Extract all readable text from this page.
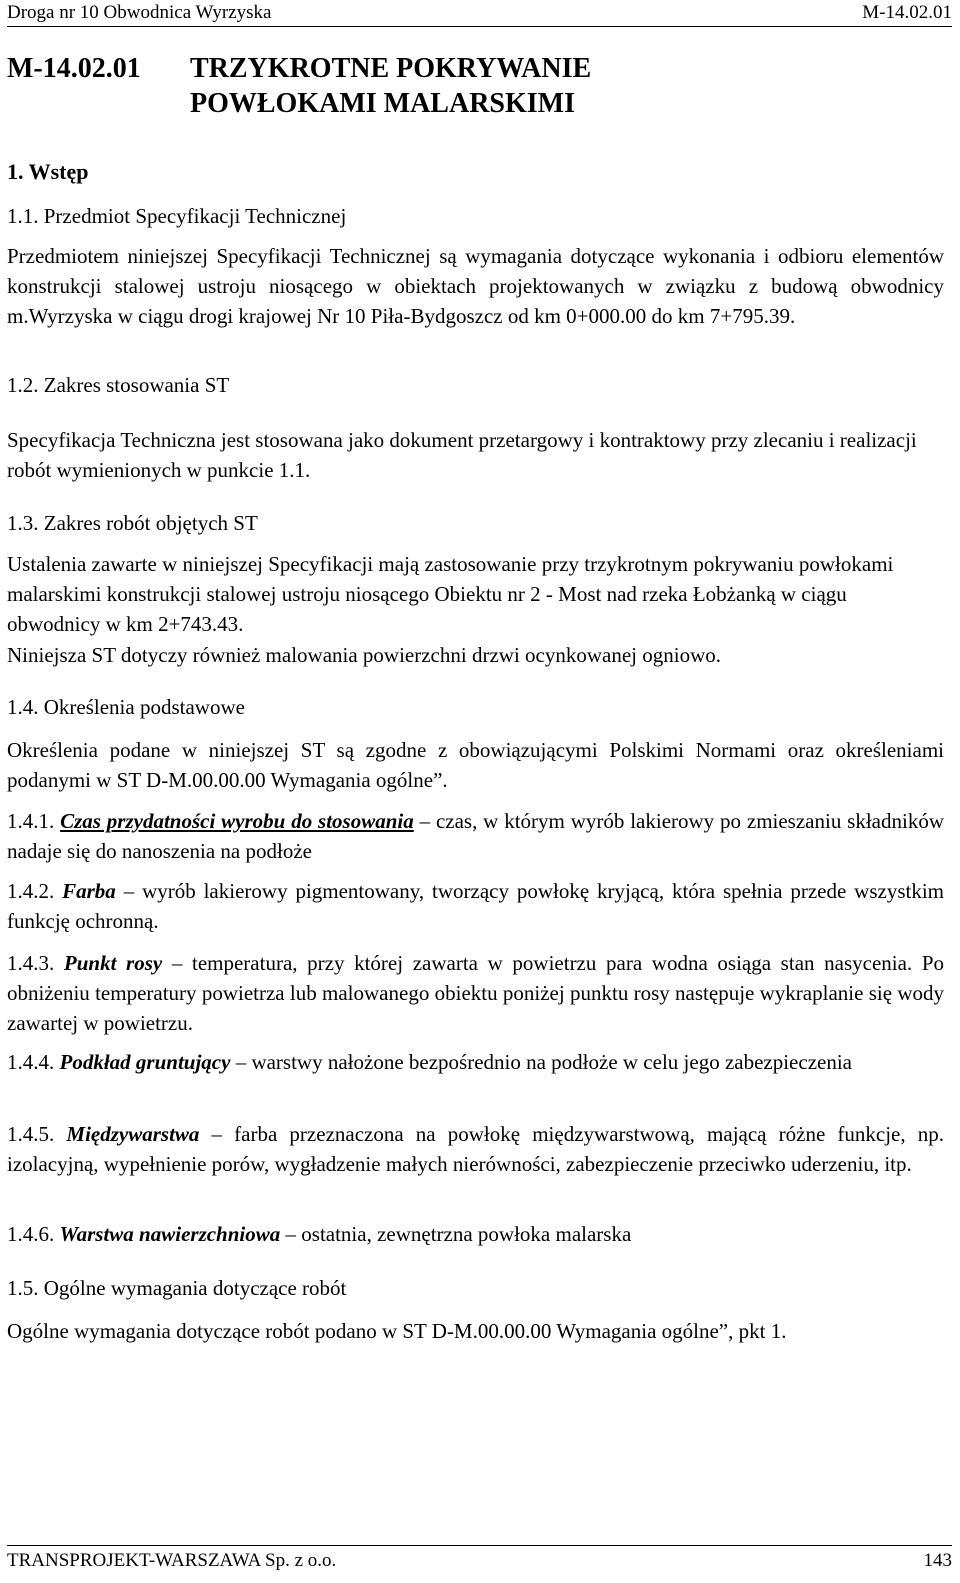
Droga nr 10 Obwodnica Wyrzyska	M-14.02.01
M-14.02.01 TRZYKROTNE POKRYWANIE
POWŁOKAMI MALARSKIMI
1. Wstęp
1.1. Przedmiot Specyfikacji Technicznej
Przedmiotem niniejszej Specyfikacji Technicznej są wymagania dotyczące wykonania i odbioru elementów konstrukcji stalowej ustroju niosącego w obiektach projektowanych w związku z budową obwodnicy m.Wyrzyska w ciągu drogi krajowej Nr 10 Piła-Bydgoszcz od km 0+000.00 do km 7+795.39.
1.2. Zakres stosowania ST
Specyfikacja Techniczna jest stosowana jako dokument przetargowy i kontraktowy przy zlecaniu i realizacji robót wymienionych w punkcie 1.1.
1.3. Zakres robót objętych ST
Ustalenia zawarte w niniejszej Specyfikacji mają zastosowanie przy trzykrotnym pokrywaniu powłokami malarskimi konstrukcji stalowej ustroju niosącego Obiektu nr 2 - Most nad rzeka Łobżanką w ciągu obwodnicy w km 2+743.43.
Niniejsza ST dotyczy również malowania powierzchni drzwi ocynkowanej ogniowo.
1.4. Określenia podstawowe
Określenia podane w niniejszej ST są zgodne z obowiązującymi Polskimi Normami oraz określeniami podanymi w ST D-M.00.00.00 Wymagania ogólne”.
1.4.1. Czas przydatności wyrobu do stosowania – czas, w którym wyrób lakierowy po zmieszaniu składników nadaje się do nanoszenia na podłoże
1.4.2. Farba – wyrób lakierowy pigmentowany, tworzący powłokę kryjącą, która spełnia przede wszystkim funkcję ochronną.
1.4.3. Punkt rosy – temperatura, przy której zawarta w powietrzu para wodna osiąga stan nasycenia. Po obniżeniu temperatury powietrza lub malowanego obiektu poniżej punktu rosy następuje wykraplanie się wody zawartej w powietrzu.
1.4.4. Podkład gruntujący – warstwy nałożone bezpośrednio na podłoże w celu jego zabezpieczenia
1.4.5. Międzywarstwa – farba przeznaczona na powłokę międzywarstwową, mającą różne funkcje, np. izolacyjną, wypełnienie porów, wygładzenie małych nierówności, zabezpieczenie przeciwko uderzeniu, itp.
1.4.6. Warstwa nawierzchniowa – ostatnia, zewnętrzna powłoka malarska
1.5. Ogólne wymagania dotyczące robót
Ogólne wymagania dotyczące robót podano w ST D-M.00.00.00 Wymagania ogólne”, pkt 1.
TRANSPROJEKT-WARSZAWA Sp. z o.o.	143
